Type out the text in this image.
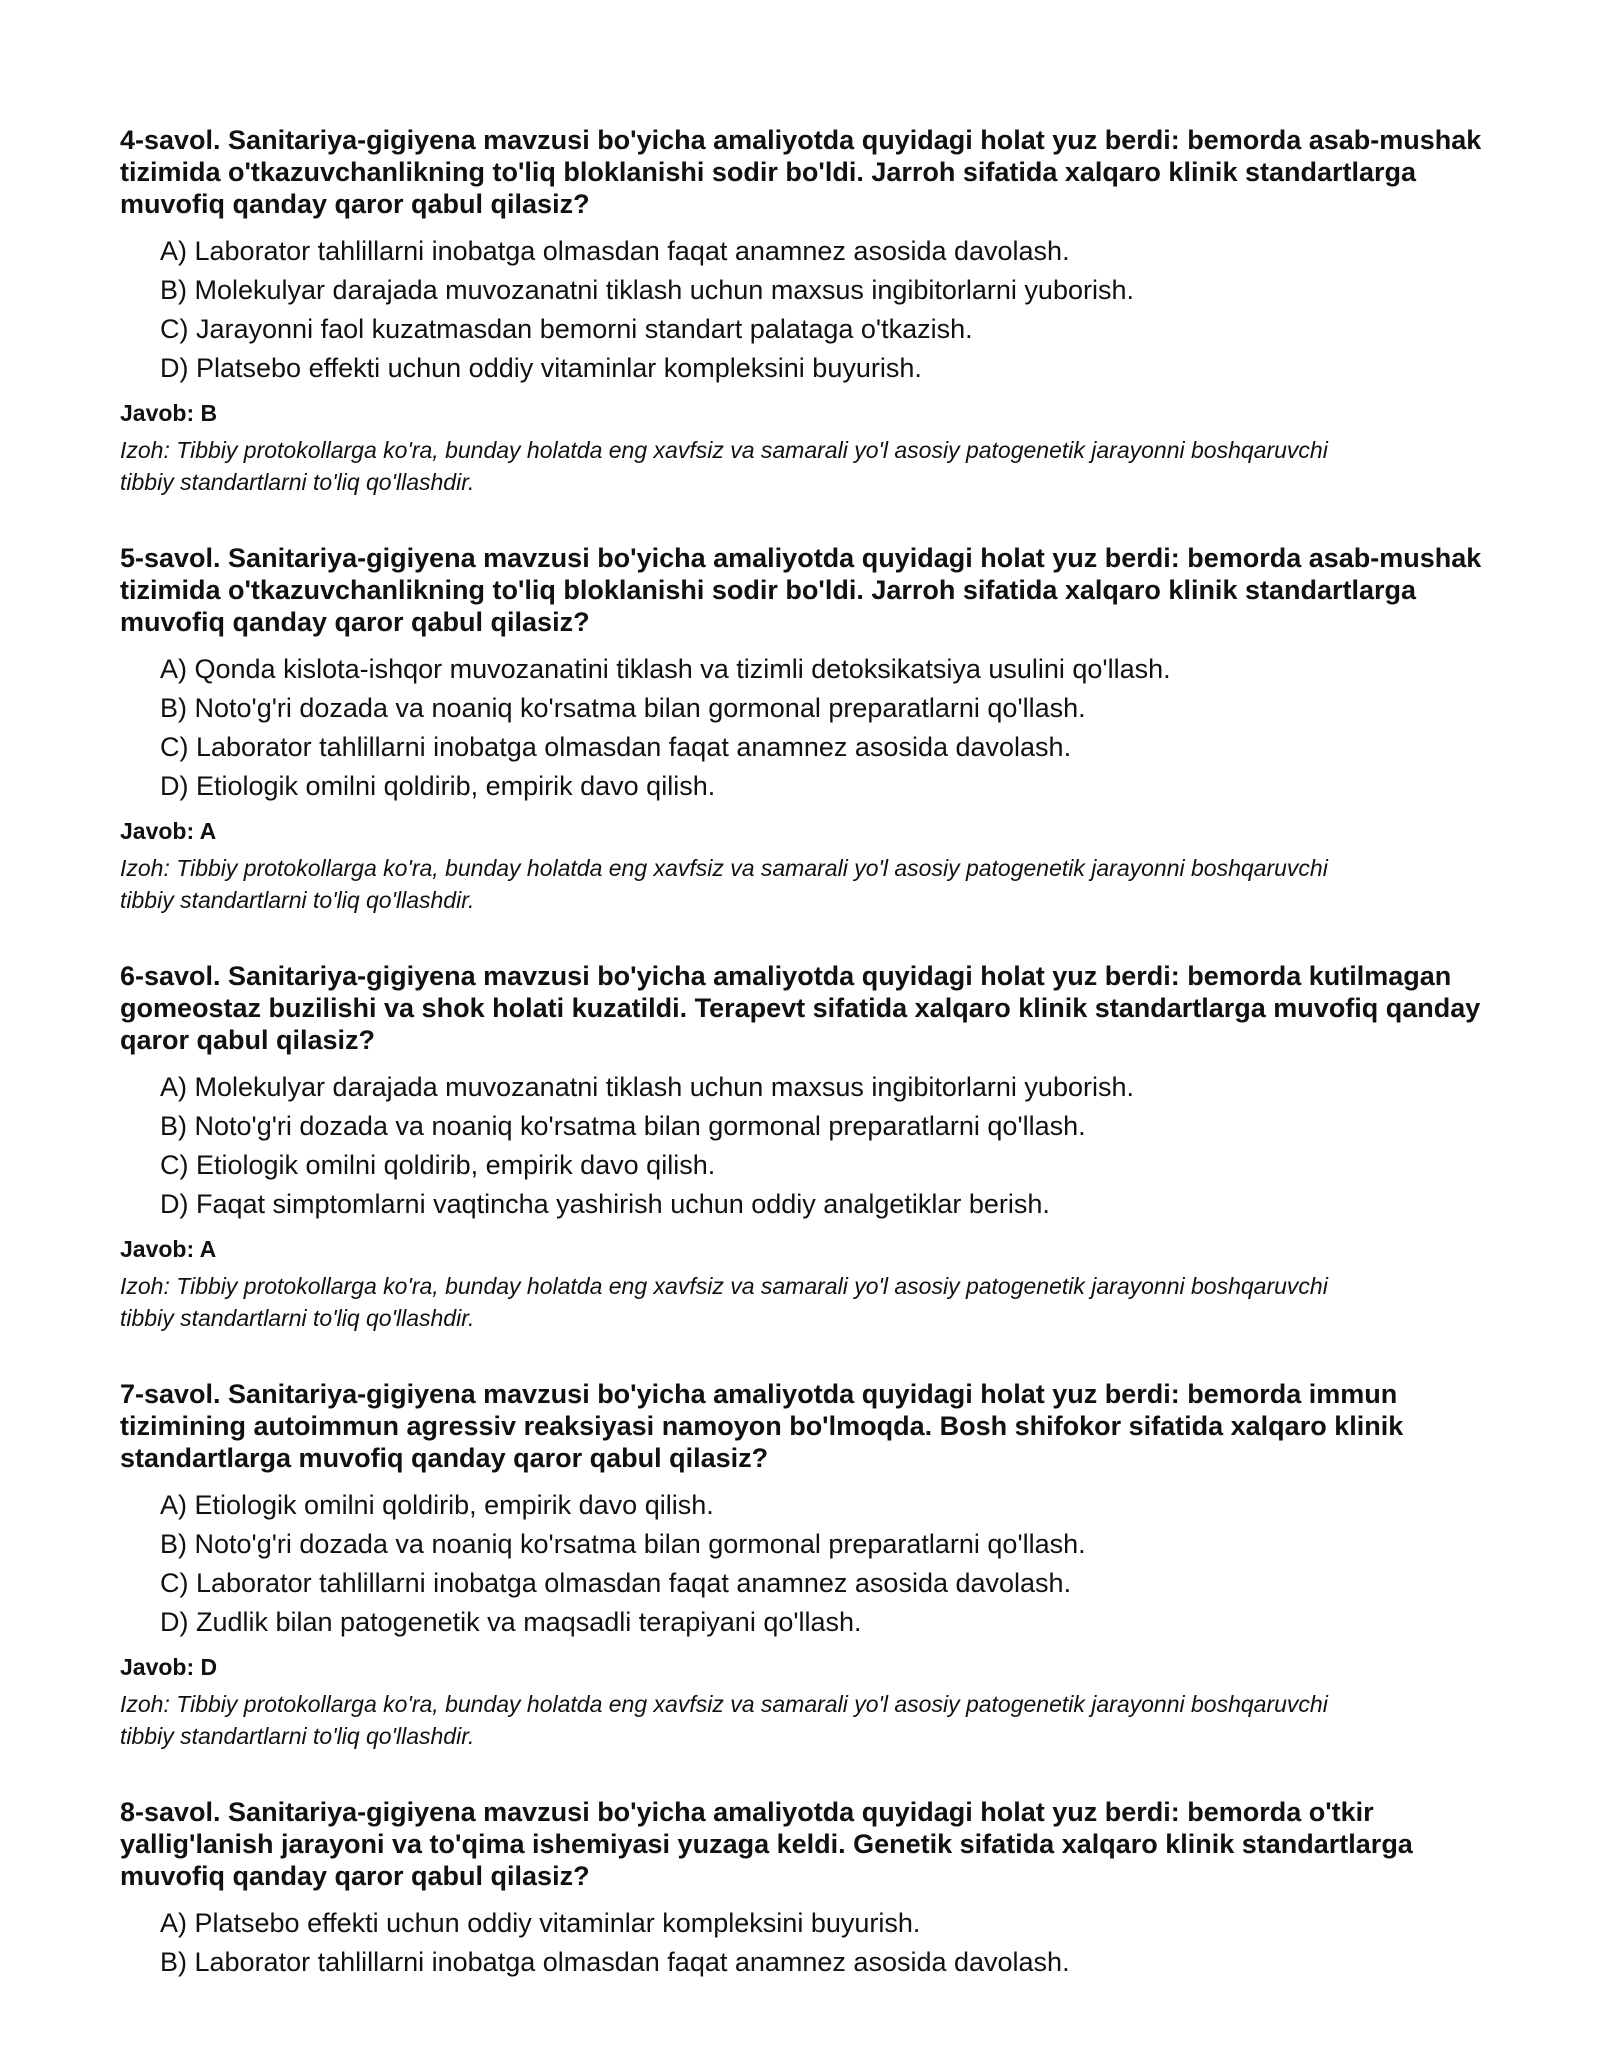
4-savol. Sanitariya-gigiyena mavzusi bo'yicha amaliyotda quyidagi holat yuz berdi: bemorda asab-mushak tizimida o'tkazuvchanlikning to'liq bloklanishi sodir bo'ldi. Jarroh sifatida xalqaro klinik standartlarga muvofiq qanday qaror qabul qilasiz?

A) Laborator tahlillarni inobatga olmasdan faqat anamnez asosida davolash.
B) Molekulyar darajada muvozanatni tiklash uchun maxsus ingibitorlarni yuborish.
C) Jarayonni faol kuzatmasdan bemorni standart palataga o'tkazish.
D) Platsebo effekti uchun oddiy vitaminlar kompleksini buyurish.

Javob: B

Izoh: Tibbiy protokollarga ko'ra, bunday holatda eng xavfsiz va samarali yo'l asosiy patogenetik jarayonni boshqaruvchi tibbiy standartlarni to'liq qo'llashdir.

5-savol. Sanitariya-gigiyena mavzusi bo'yicha amaliyotda quyidagi holat yuz berdi: bemorda asab-mushak tizimida o'tkazuvchanlikning to'liq bloklanishi sodir bo'ldi. Jarroh sifatida xalqaro klinik standartlarga muvofiq qanday qaror qabul qilasiz?

A) Qonda kislota-ishqor muvozanatini tiklash va tizimli detoksikatsiya usulini qo'llash.
B) Noto'g'ri dozada va noaniq ko'rsatma bilan gormonal preparatlarni qo'llash.
C) Laborator tahlillarni inobatga olmasdan faqat anamnez asosida davolash.
D) Etiologik omilni qoldirib, empirik davo qilish.

Javob: A

Izoh: Tibbiy protokollarga ko'ra, bunday holatda eng xavfsiz va samarali yo'l asosiy patogenetik jarayonni boshqaruvchi tibbiy standartlarni to'liq qo'llashdir.

6-savol. Sanitariya-gigiyena mavzusi bo'yicha amaliyotda quyidagi holat yuz berdi: bemorda kutilmagan gomeostaz buzilishi va shok holati kuzatildi. Terapevt sifatida xalqaro klinik standartlarga muvofiq qanday qaror qabul qilasiz?

A) Molekulyar darajada muvozanatni tiklash uchun maxsus ingibitorlarni yuborish.
B) Noto'g'ri dozada va noaniq ko'rsatma bilan gormonal preparatlarni qo'llash.
C) Etiologik omilni qoldirib, empirik davo qilish.
D) Faqat simptomlarni vaqtincha yashirish uchun oddiy analgetiklar berish.

Javob: A

Izoh: Tibbiy protokollarga ko'ra, bunday holatda eng xavfsiz va samarali yo'l asosiy patogenetik jarayonni boshqaruvchi tibbiy standartlarni to'liq qo'llashdir.

7-savol. Sanitariya-gigiyena mavzusi bo'yicha amaliyotda quyidagi holat yuz berdi: bemorda immun tizimining autoimmun agressiv reaksiyasi namoyon bo'lmoqda. Bosh shifokor sifatida xalqaro klinik standartlarga muvofiq qanday qaror qabul qilasiz?

A) Etiologik omilni qoldirib, empirik davo qilish.
B) Noto'g'ri dozada va noaniq ko'rsatma bilan gormonal preparatlarni qo'llash.
C) Laborator tahlillarni inobatga olmasdan faqat anamnez asosida davolash.
D) Zudlik bilan patogenetik va maqsadli terapiyani qo'llash.

Javob: D

Izoh: Tibbiy protokollarga ko'ra, bunday holatda eng xavfsiz va samarali yo'l asosiy patogenetik jarayonni boshqaruvchi tibbiy standartlarni to'liq qo'llashdir.

8-savol. Sanitariya-gigiyena mavzusi bo'yicha amaliyotda quyidagi holat yuz berdi: bemorda o'tkir yallig'lanish jarayoni va to'qima ishemiyasi yuzaga keldi. Genetik sifatida xalqaro klinik standartlarga muvofiq qanday qaror qabul qilasiz?

A) Platsebo effekti uchun oddiy vitaminlar kompleksini buyurish.
B) Laborator tahlillarni inobatga olmasdan faqat anamnez asosida davolash.
